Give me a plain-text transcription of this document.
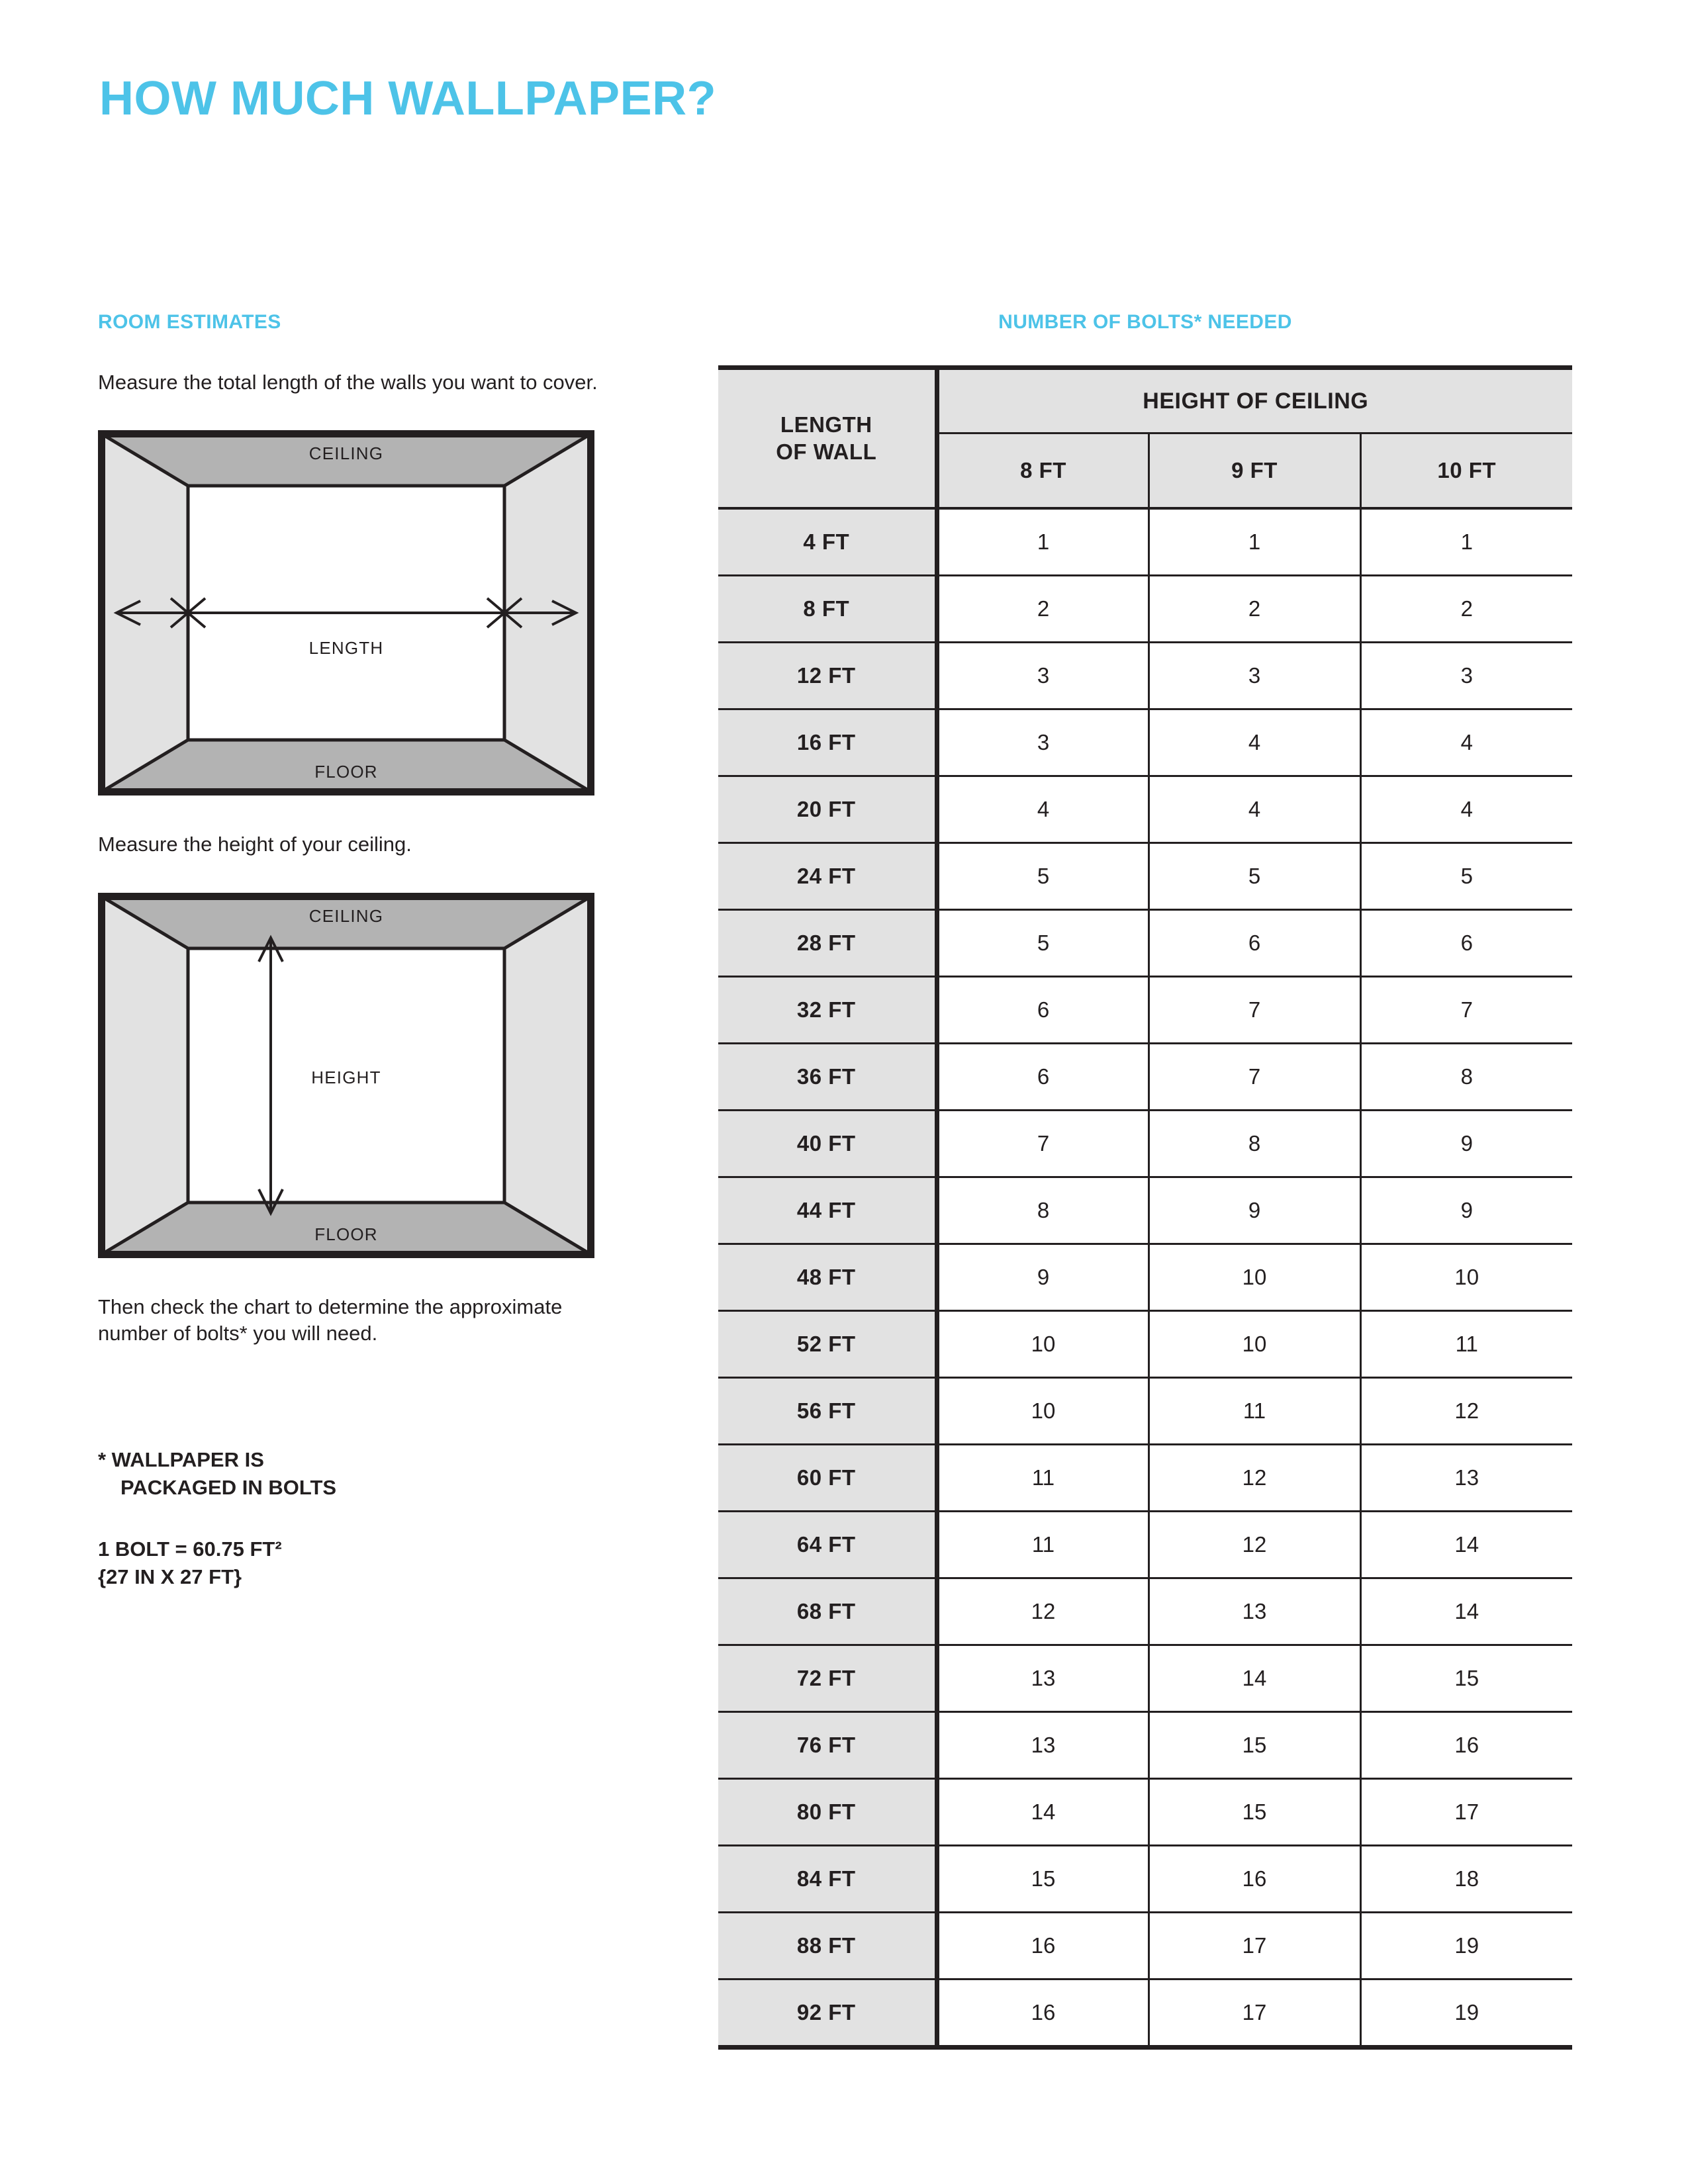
HOW MUCH WALLPAPER?
ROOM ESTIMATES
Measure the total length of the walls you want to cover.
CEILING
FLOOR
LENGTH
Measure the height of your ceiling.
CEILING
FLOOR
HEIGHT
Then check the chart to determine the approximate number of bolts* you will need.
* WALLPAPER IS
PACKAGED IN BOLTS
1 BOLT = 60.75 FT²
{27 IN X 27 FT}
NUMBER OF BOLTS* NEEDED
LENGTH
OF WALL	HEIGHT OF CEILING		
	8 FT	9 FT	10 FT
4 FT	1	1	1
8 FT	2	2	2
12 FT	3	3	3
16 FT	3	4	4
20 FT	4	4	4
24 FT	5	5	5
28 FT	5	6	6
32 FT	6	7	7
36 FT	6	7	8
40 FT	7	8	9
44 FT	8	9	9
48 FT	9	10	10
52 FT	10	10	11
56 FT	10	11	12
60 FT	11	12	13
64 FT	11	12	14
68 FT	12	13	14
72 FT	13	14	15
76 FT	13	15	16
80 FT	14	15	17
84 FT	15	16	18
88 FT	16	17	19
92 FT	16	17	19
